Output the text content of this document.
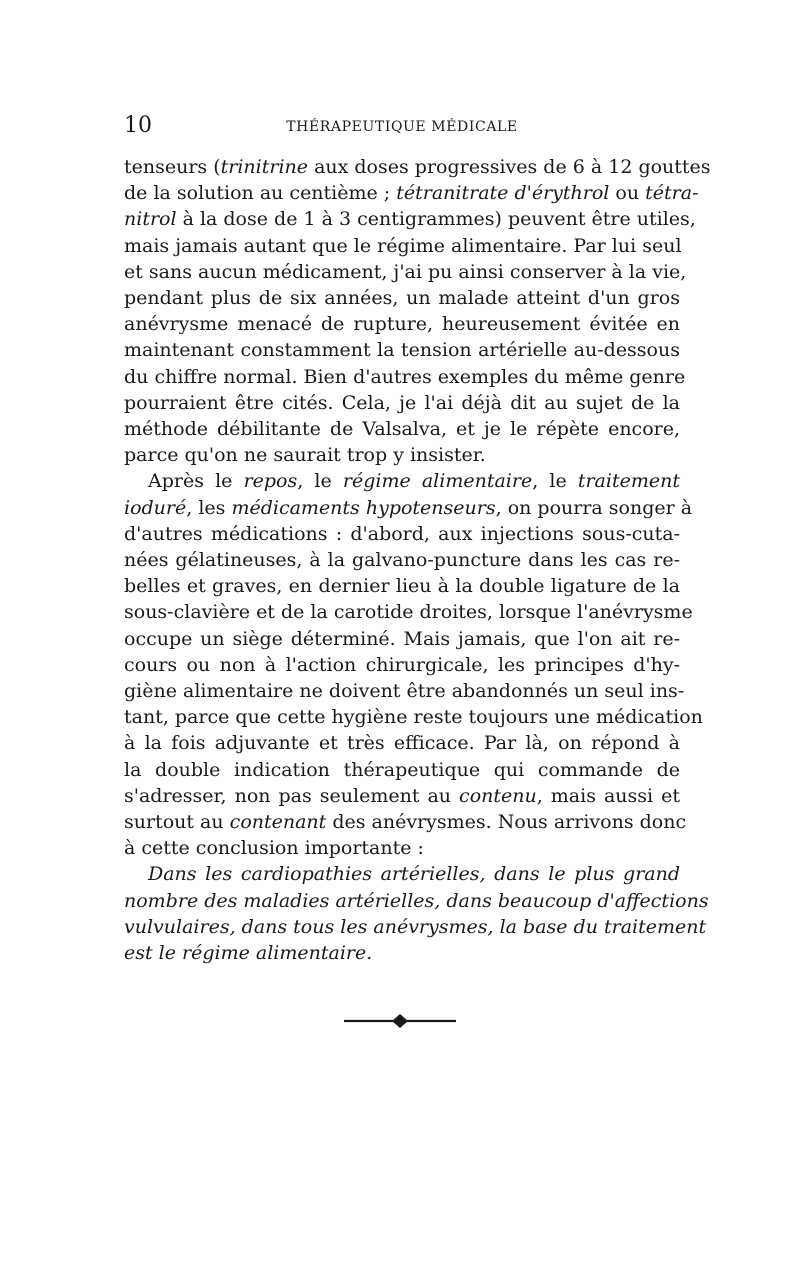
10	THÉRAPEUTIQUE MÉDICALE
tenseurs (trinitrine aux doses progressives de 6 à 12 gouttes
de la solution au centième ; tétranitrate d'érythrol ou tétra-
nitrol à la dose de 1 à 3 centigrammes) peuvent être utiles,
mais jamais autant que le régime alimentaire. Par lui seul
et sans aucun médicament, j'ai pu ainsi conserver à la vie,
pendant plus de six années, un malade atteint d'un gros
anévrysme menacé de rupture, heureusement évitée en
maintenant constamment la tension artérielle au-dessous
du chiffre normal. Bien d'autres exemples du même genre
pourraient être cités. Cela, je l'ai déjà dit au sujet de la
méthode débilitante de Valsalva, et je le répète encore,
parce qu'on ne saurait trop y insister.
Après le repos, le régime alimentaire, le traitement
ioduré, les médicaments hypotenseurs, on pourra songer à
d'autres médications : d'abord, aux injections sous-cuta-
nées gélatineuses, à la galvano-puncture dans les cas re-
belles et graves, en dernier lieu à la double ligature de la
sous-clavière et de la carotide droites, lorsque l'anévrysme
occupe un siège déterminé. Mais jamais, que l'on ait re-
cours ou non à l'action chirurgicale, les principes d'hy-
giène alimentaire ne doivent être abandonnés un seul ins-
tant, parce que cette hygiène reste toujours une médication
à la fois adjuvante et très efficace. Par là, on répond à
la double indication thérapeutique qui commande de
s'adresser, non pas seulement au contenu, mais aussi et
surtout au contenant des anévrysmes. Nous arrivons donc
à cette conclusion importante :
Dans les cardiopathies artérielles, dans le plus grand
nombre des maladies artérielles, dans beaucoup d'affections
vulvulaires, dans tous les anévrysmes, la base du traitement
est le régime alimentaire.
